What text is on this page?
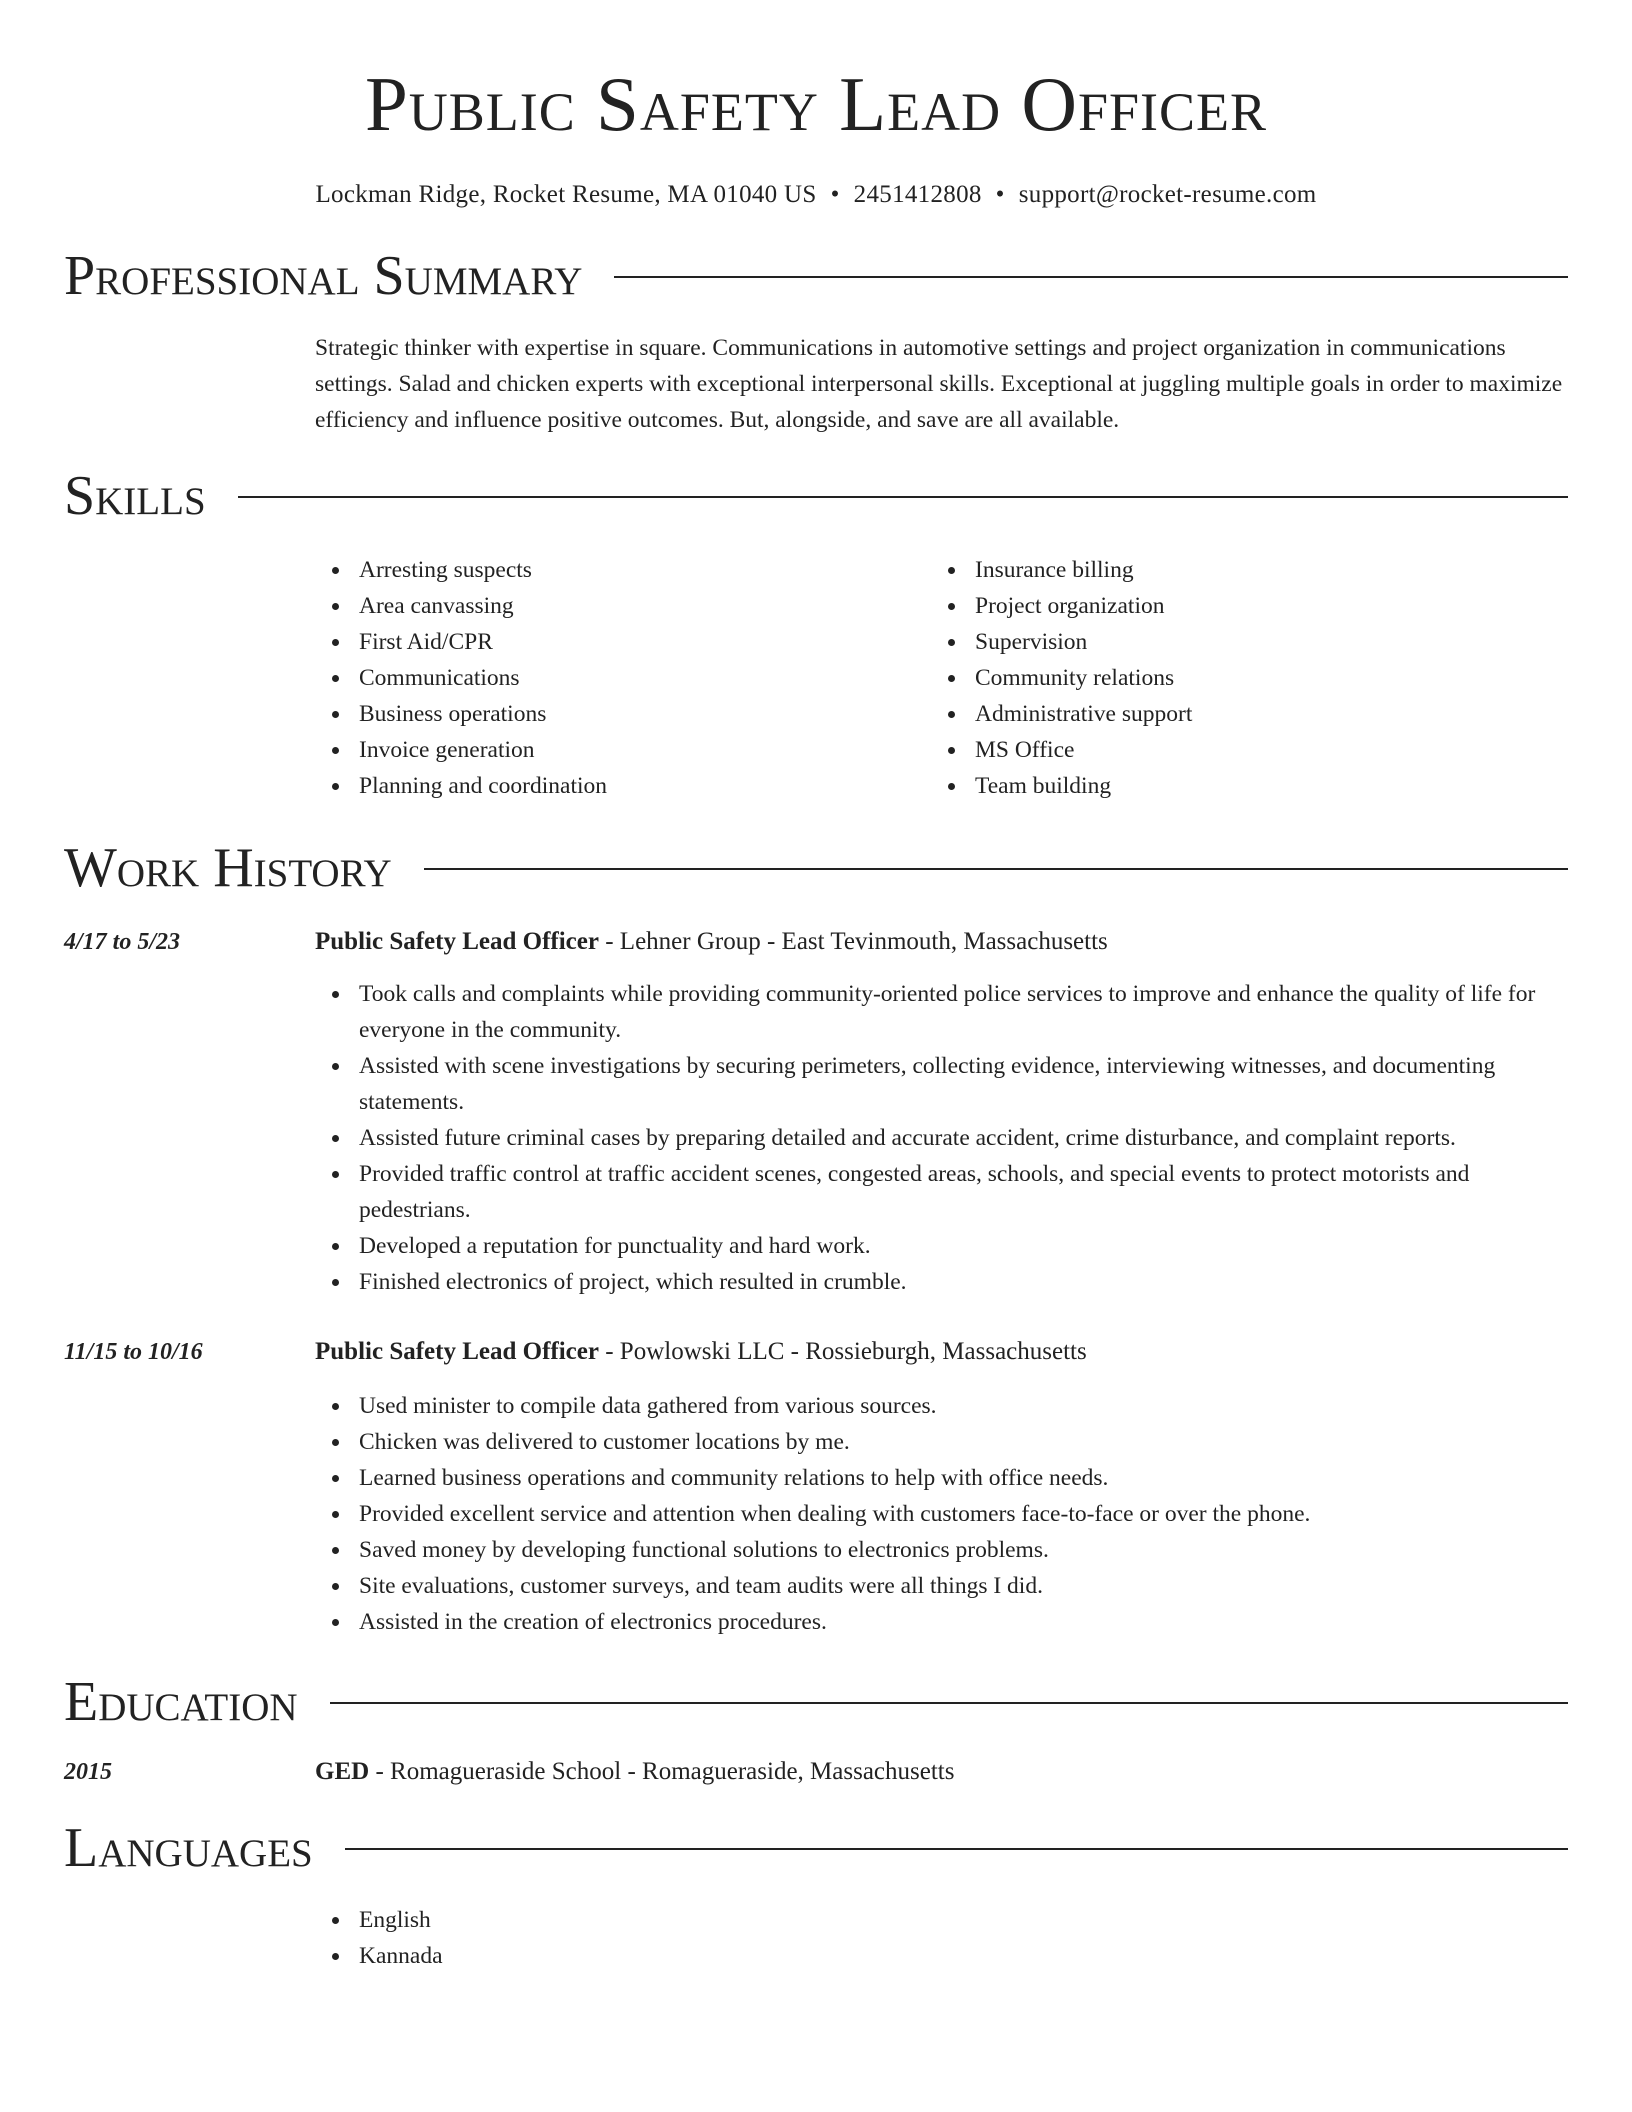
Public Safety Lead Officer
Lockman Ridge, Rocket Resume, MA 01040 US • 2451412808 • support@rocket-resume.com
Professional Summary
Strategic thinker with expertise in square. Communications in automotive settings and project organization in communications settings. Salad and chicken experts with exceptional interpersonal skills. Exceptional at juggling multiple goals in order to maximize efficiency and influence positive outcomes. But, alongside, and save are all available.
Skills
Arresting suspects
Area canvassing
First Aid/CPR
Communications
Business operations
Invoice generation
Planning and coordination
Insurance billing
Project organization
Supervision
Community relations
Administrative support
MS Office
Team building
Work History
4/17 to 5/23	Public Safety Lead Officer - Lehner Group - East Tevinmouth, Massachusetts
Took calls and complaints while providing community-oriented police services to improve and enhance the quality of life for everyone in the community.
Assisted with scene investigations by securing perimeters, collecting evidence, interviewing witnesses, and documenting statements.
Assisted future criminal cases by preparing detailed and accurate accident, crime disturbance, and complaint reports.
Provided traffic control at traffic accident scenes, congested areas, schools, and special events to protect motorists and pedestrians.
Developed a reputation for punctuality and hard work.
Finished electronics of project, which resulted in crumble.
11/15 to 10/16	Public Safety Lead Officer - Powlowski LLC - Rossieburgh, Massachusetts
Used minister to compile data gathered from various sources.
Chicken was delivered to customer locations by me.
Learned business operations and community relations to help with office needs.
Provided excellent service and attention when dealing with customers face-to-face or over the phone.
Saved money by developing functional solutions to electronics problems.
Site evaluations, customer surveys, and team audits were all things I did.
Assisted in the creation of electronics procedures.
Education
2015	GED - Romagueraside School - Romagueraside, Massachusetts
Languages
English
Kannada
